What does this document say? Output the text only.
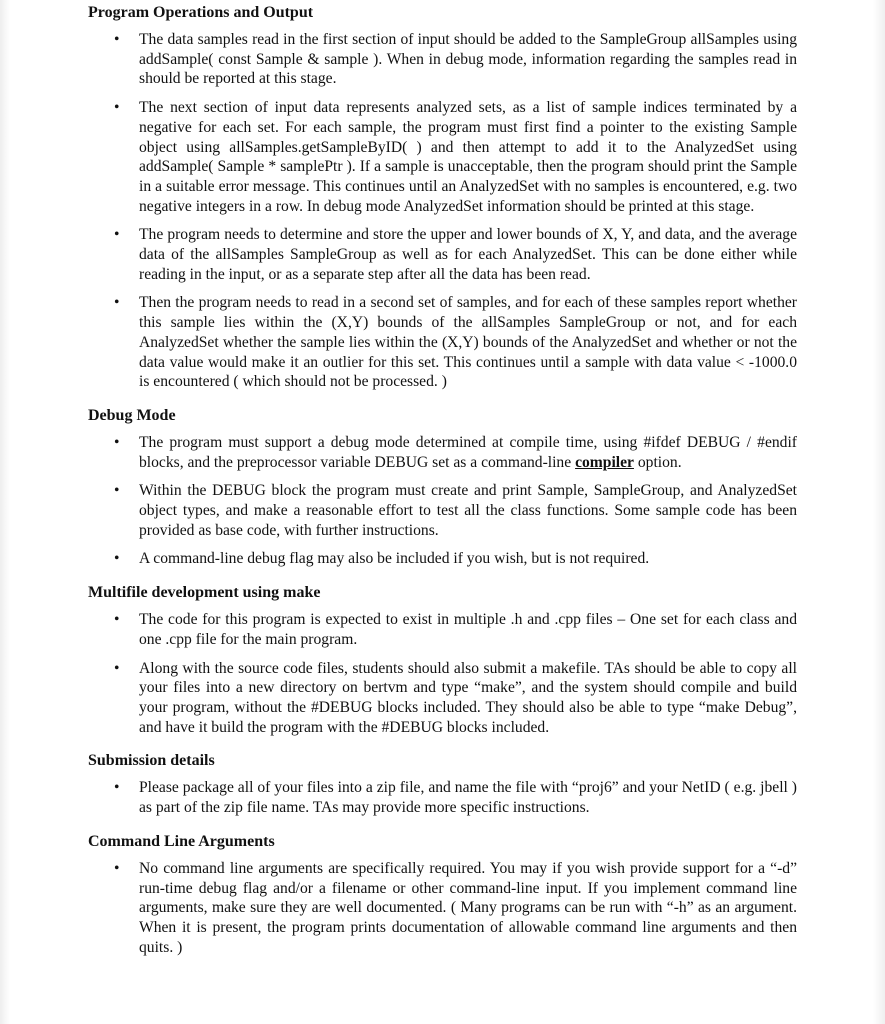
Program Operations and Output
• The data samples read in the first section of input should be added to the SampleGroup allSamples using addSample( const Sample & sample ). When in debug mode, information regarding the samples read in should be reported at this stage.
• The next section of input data represents analyzed sets, as a list of sample indices terminated by a negative for each set. For each sample, the program must first find a pointer to the existing Sample object using allSamples.getSampleByID( ) and then attempt to add it to the AnalyzedSet using addSample( Sample * samplePtr ). If a sample is unacceptable, then the program should print the Sample in a suitable error message. This continues until an AnalyzedSet with no samples is encountered, e.g. two negative integers in a row. In debug mode AnalyzedSet information should be printed at this stage.
• The program needs to determine and store the upper and lower bounds of X, Y, and data, and the average data of the allSamples SampleGroup as well as for each AnalyzedSet. This can be done either while reading in the input, or as a separate step after all the data has been read.
• Then the program needs to read in a second set of samples, and for each of these samples report whether this sample lies within the (X,Y) bounds of the allSamples SampleGroup or not, and for each AnalyzedSet whether the sample lies within the (X,Y) bounds of the AnalyzedSet and whether or not the data value would make it an outlier for this set. This continues until a sample with data value < -1000.0 is encountered ( which should not be processed. )
Debug Mode
• The program must support a debug mode determined at compile time, using #ifdef DEBUG / #endif blocks, and the preprocessor variable DEBUG set as a command-line compiler option.
• Within the DEBUG block the program must create and print Sample, SampleGroup, and AnalyzedSet object types, and make a reasonable effort to test all the class functions. Some sample code has been provided as base code, with further instructions.
• A command-line debug flag may also be included if you wish, but is not required.
Multifile development using make
• The code for this program is expected to exist in multiple .h and .cpp files – One set for each class and one .cpp file for the main program.
• Along with the source code files, students should also submit a makefile. TAs should be able to copy all your files into a new directory on bertvm and type “make”, and the system should compile and build your program, without the #DEBUG blocks included. They should also be able to type “make Debug”, and have it build the program with the #DEBUG blocks included.
Submission details
• Please package all of your files into a zip file, and name the file with “proj6” and your NetID ( e.g. jbell ) as part of the zip file name. TAs may provide more specific instructions.
Command Line Arguments
• No command line arguments are specifically required. You may if you wish provide support for a “-d” run-time debug flag and/or a filename or other command-line input. If you implement command line arguments, make sure they are well documented. ( Many programs can be run with “-h” as an argument. When it is present, the program prints documentation of allowable command line arguments and then quits. )
